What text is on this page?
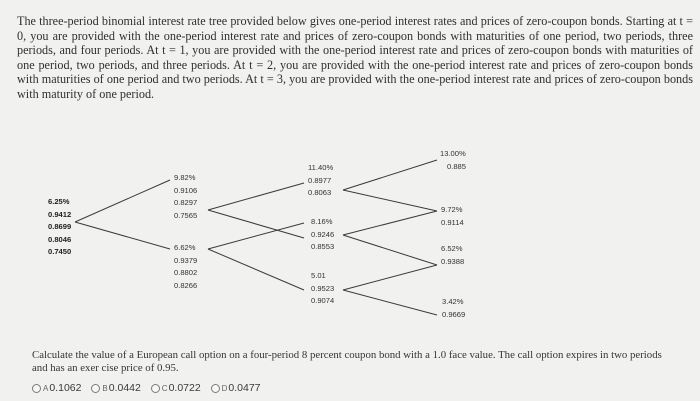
The three-period binomial interest rate tree provided below gives one-period interest rates and prices of zero-coupon bonds. Starting at t = 0, you are provided with the one-period interest rate and prices of zero-coupon bonds with maturities of one period, two periods, three periods, and four periods. At t = 1, you are provided with the one-period interest rate and prices of zero-coupon bonds with maturities of one period, two periods, and three periods. At t = 2, you are provided with the one-period interest rate and prices of zero-coupon bonds with maturities of one period and two periods. At t = 3, you are provided with the one-period interest rate and prices of zero-coupon bonds with maturity of one period.
6.25%
0.9412
0.8699
0.8046
0.7450
9.82%
0.9106
0.8297
0.7565
6.62%
0.9379
0.8802
0.8266
11.40%
0.8977
0.8063
8.16%
0.9246
0.8553
5.01
0.9523
0.9074
13.00%
0.885
9.72%
0.9114
6.52%
0.9388
3.42%
0.9669
Calculate the value of a European call option on a four-period 8 percent coupon bond with a 1.0 face value. The call option expires in two periods and has an exer cise price of 0.95.
A 0.1062
	B 0.0442
	C 0.0722
	D 0.0477
